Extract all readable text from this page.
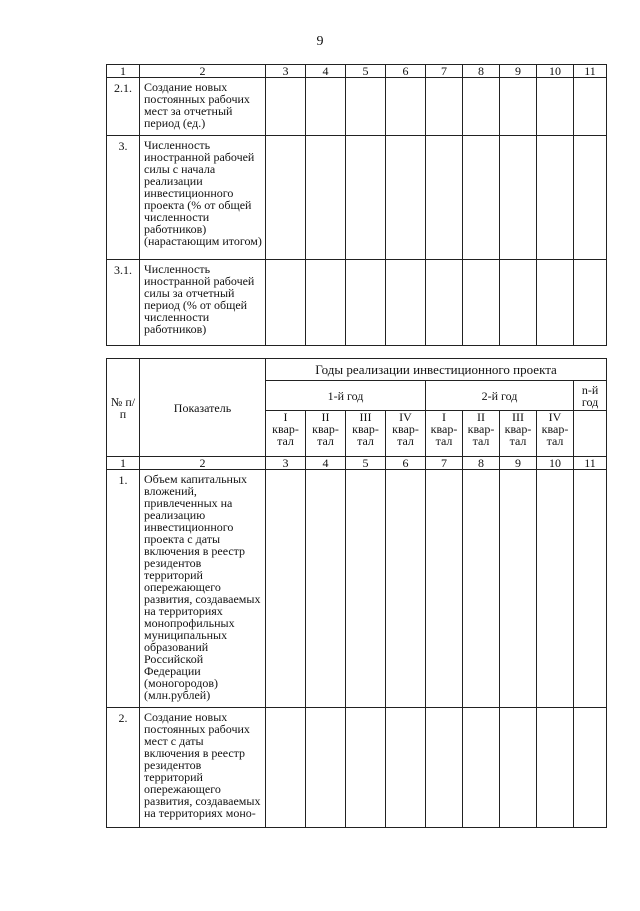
9
1	2	3	4	5	6	7	8	9	10	11
2.1.	Создание новых постоянных рабочих мест за отчетный период (ед.)									
3.	Численность иностранной рабочей силы с начала реализации инвестиционного проекта (% от общей численности работников) (нарастающим итогом)									
3.1.	Численность иностранной рабочей силы за отчетный период (% от общей численности работников)									
№ п/п	Показатель	Годы реализации инвестиционного проекта								
		1-й год				2-й год				n-й год

		I
квар-
тал	II
квар-
тал	III
квар-
тал	IV
квар-
тал	I
квар-
тал	II
квар-
тал	III
квар-
тал	IV
квар-
тал	

1	2	3	4	5	6	7	8	9	10	11
1.	Объем капитальных вложений, привлеченных на реализацию инвестиционного проекта с даты включения в реестр резидентов территорий опережающего развития, создаваемых на территориях монопрофильных муниципальных образований Российской Федерации (моногородов) (млн.рублей)									
2.	Создание новых постоянных рабочих мест с даты включения в реестр резидентов территорий опережающего развития, создаваемых на территориях моно-									
